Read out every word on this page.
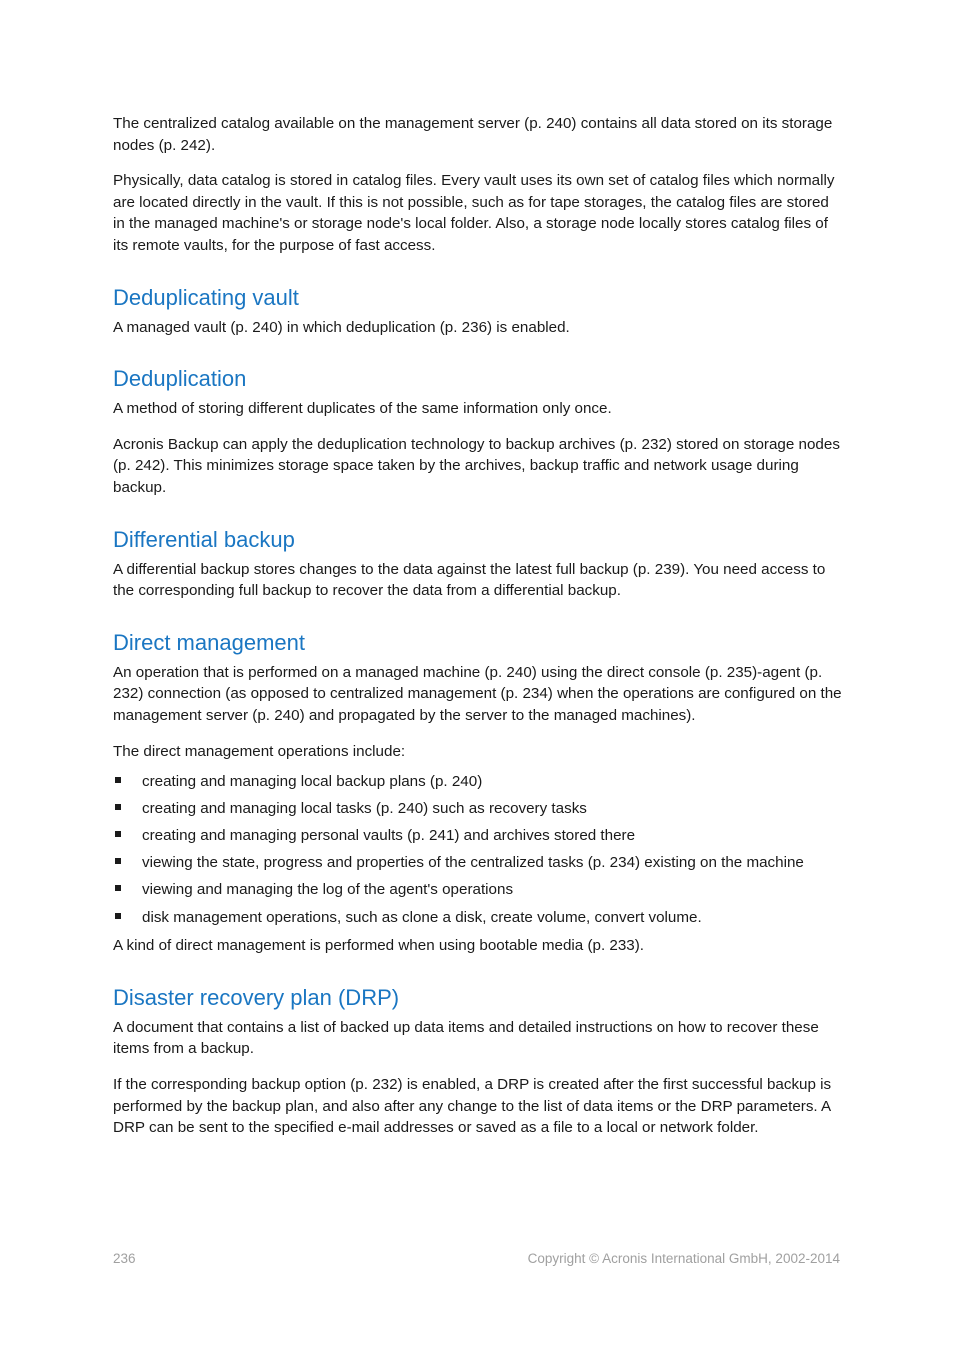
The centralized catalog available on the management server (p. 240) contains all data stored on its storage nodes (p. 242).

Physically, data catalog is stored in catalog files. Every vault uses its own set of catalog files which normally are located directly in the vault. If this is not possible, such as for tape storages, the catalog files are stored in the managed machine's or storage node's local folder. Also, a storage node locally stores catalog files of its remote vaults, for the purpose of fast access.

Deduplicating vault

A managed vault (p. 240) in which deduplication (p. 236) is enabled.

Deduplication

A method of storing different duplicates of the same information only once.

Acronis Backup can apply the deduplication technology to backup archives (p. 232) stored on storage nodes (p. 242). This minimizes storage space taken by the archives, backup traffic and network usage during backup.

Differential backup

A differential backup stores changes to the data against the latest full backup (p. 239). You need access to the corresponding full backup to recover the data from a differential backup.

Direct management

An operation that is performed on a managed machine (p. 240) using the direct console (p. 235)-agent (p. 232) connection (as opposed to centralized management (p. 234) when the operations are configured on the management server (p. 240) and propagated by the server to the managed machines).

The direct management operations include:

creating and managing local backup plans (p. 240)
creating and managing local tasks (p. 240) such as recovery tasks
creating and managing personal vaults (p. 241) and archives stored there
viewing the state, progress and properties of the centralized tasks (p. 234) existing on the machine
viewing and managing the log of the agent's operations
disk management operations, such as clone a disk, create volume, convert volume.

A kind of direct management is performed when using bootable media (p. 233).

Disaster recovery plan (DRP)

A document that contains a list of backed up data items and detailed instructions on how to recover these items from a backup.

If the corresponding backup option (p. 232) is enabled, a DRP is created after the first successful backup is performed by the backup plan, and also after any change to the list of data items or the DRP parameters. A DRP can be sent to the specified e-mail addresses or saved as a file to a local or network folder.

236	Copyright © Acronis International GmbH, 2002-2014
